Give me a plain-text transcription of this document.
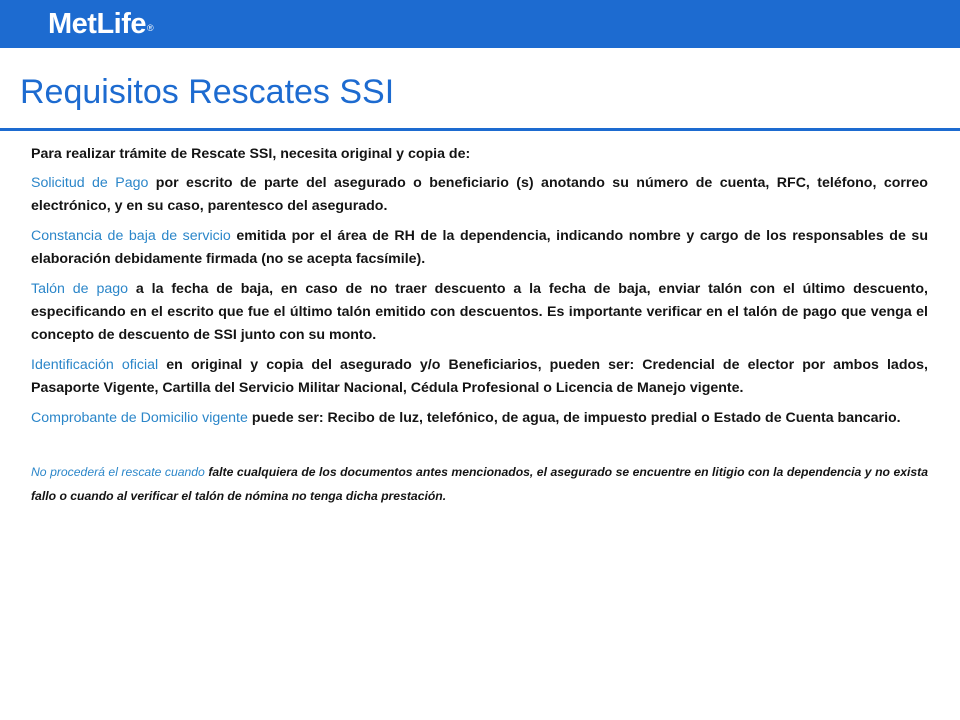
MetLife®
Requisitos Rescates SSI

Para realizar trámite de Rescate SSI, necesita original y copia de:

Solicitud de Pago por escrito de parte del asegurado o beneficiario (s) anotando su número de cuenta, RFC, teléfono, correo electrónico, y en su caso, parentesco del asegurado.

Constancia de baja de servicio emitida por el área de RH de la dependencia, indicando nombre y cargo de los responsables de su elaboración debidamente firmada (no se acepta facsímile).

Talón de pago a la fecha de baja, en caso de no traer descuento a la fecha de baja, enviar talón con el último descuento, especificando en el escrito que fue el último talón emitido con descuentos. Es importante verificar en el talón de pago que venga el concepto de descuento de SSI junto con su monto.

Identificación oficial en original y copia del asegurado y/o Beneficiarios, pueden ser: Credencial de elector por ambos lados, Pasaporte Vigente, Cartilla del Servicio Militar Nacional, Cédula Profesional o Licencia de Manejo vigente.

Comprobante de Domicilio vigente puede ser: Recibo de luz, telefónico, de agua, de impuesto predial o Estado de Cuenta bancario.

No procederá el rescate cuando falte cualquiera de los documentos antes mencionados, el asegurado se encuentre en litigio con la dependencia y no exista fallo o cuando al verificar el talón de nómina no tenga dicha prestación.
